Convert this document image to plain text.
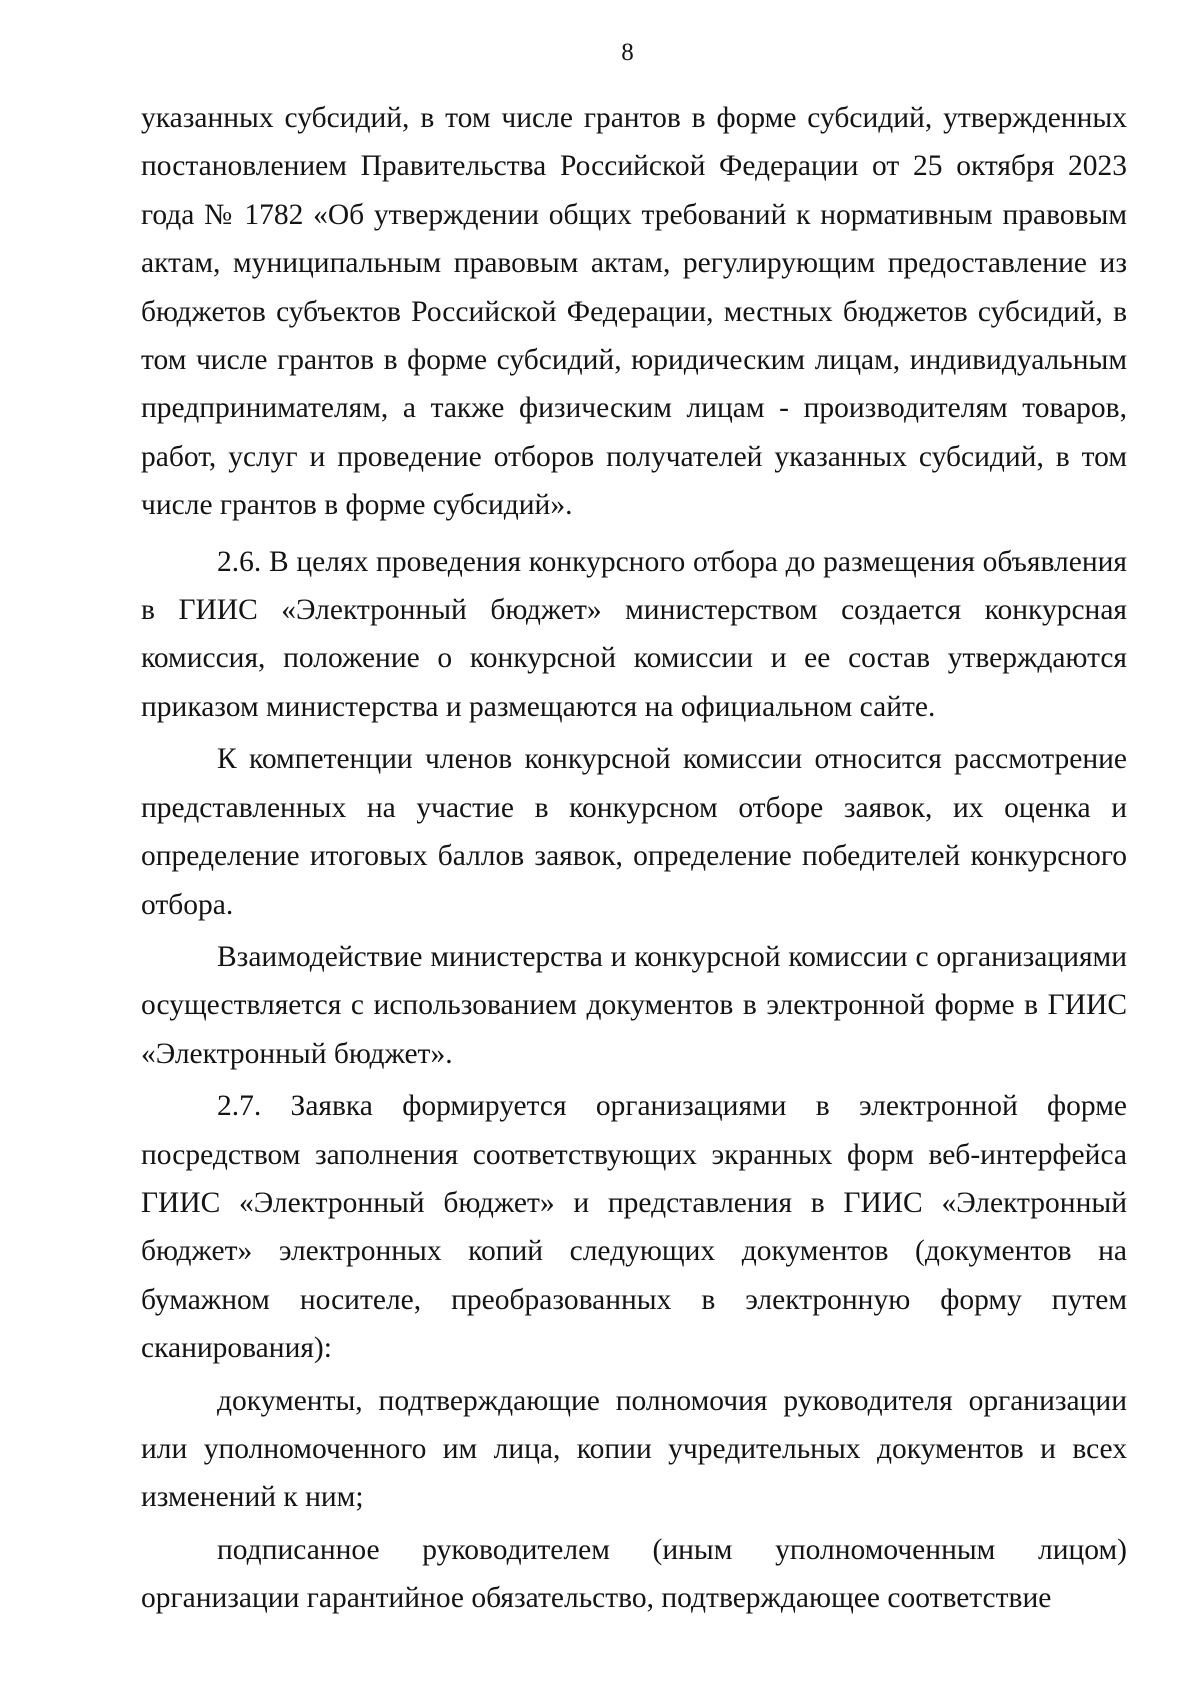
8

указанных субсидий, в том числе грантов в форме субсидий, утвержденных постановлением Правительства Российской Федерации от 25 октября 2023 года № 1782 «Об утверждении общих требований к нормативным правовым актам, муниципальным правовым актам, регулирующим предоставление из бюджетов субъектов Российской Федерации, местных бюджетов субсидий, в том числе грантов в форме субсидий, юридическим лицам, индивидуальным предпринимателям, а также физическим лицам - производителям товаров, работ, услуг и проведение отборов получателей указанных субсидий, в том числе грантов в форме субсидий».

2.6. В целях проведения конкурсного отбора до размещения объявления в ГИИС «Электронный бюджет» министерством создается конкурсная комиссия, положение о конкурсной комиссии и ее состав утверждаются приказом министерства и размещаются на официальном сайте.

К компетенции членов конкурсной комиссии относится рассмотрение представленных на участие в конкурсном отборе заявок, их оценка и определение итоговых баллов заявок, определение победителей конкурсного отбора.

Взаимодействие министерства и конкурсной комиссии с организациями осуществляется с использованием документов в электронной форме в ГИИС «Электронный бюджет».

2.7. Заявка формируется организациями в электронной форме посредством заполнения соответствующих экранных форм веб-интерфейса ГИИС «Электронный бюджет» и представления в ГИИС «Электронный бюджет» электронных копий следующих документов (документов на бумажном носителе, преобразованных в электронную форму путем сканирования):

документы, подтверждающие полномочия руководителя организации или уполномоченного им лица, копии учредительных документов и всех изменений к ним;

подписанное руководителем (иным уполномоченным лицом) организации гарантийное обязательство, подтверждающее соответствие
